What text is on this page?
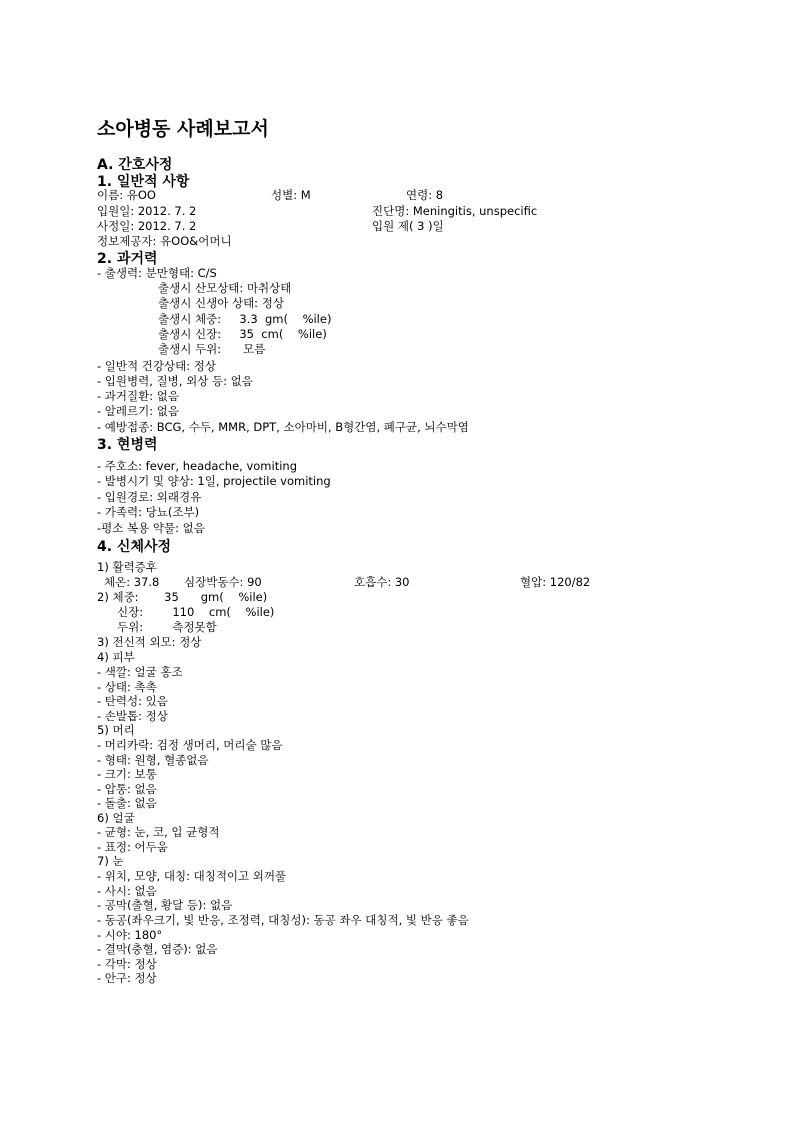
소아병동 사례보고서
A. 간호사정
1. 일반적 사항
이름: 유OO	성별: M	연령: 8
입원일: 2012. 7. 2	진단명: Meningitis, unspecific
사정일: 2012. 7. 2	입원 제( 3 )일
정보제공자: 유OO&어머니
2. 과거력
- 출생력: 분만형태: C/S
출생시 산모상태: 마취상태
출생시 신생아 상태: 정상
출생시 체중:     3.3  gm(    %ile)
출생시 신장:     35  cm(    %ile)
출생시 두위:      모름
- 일반적 건강상태: 정상
- 입원병력, 질병, 외상 등: 없음
- 과거질환: 없음
- 알레르기: 없음
- 예방접종: BCG, 수두, MMR, DPT, 소아마비, B형간염, 폐구균, 뇌수막염
3. 현병력
- 주호소: fever, headache, vomiting
- 발병시기 및 양상: 1일, projectile vomiting
- 입원경로: 외래경유
- 가족력: 당뇨(조부)
-평소 복용 약물: 없음
4. 신체사정
1) 활력증후
체온: 37.8 심장박동수: 90	호흡수: 30	혈압: 120/82
2) 체중:       35      gm(    %ile)
신장:        110    cm(    %ile)
두위:        측정못함
3) 전신적 외모: 정상
4) 피부
- 색깔: 얼굴 홍조
- 상태: 촉촉
- 탄력성: 있음
- 손발톱: 정상
5) 머리
- 머리카락: 검정 생머리, 머리숱 많음
- 형태: 원형, 혈종없음
- 크기: 보통
- 압통: 없음
- 돌출: 없음
6) 얼굴
- 균형: 눈, 코, 입 균형적
- 표정: 어두움
7) 눈
- 위치, 모양, 대칭: 대칭적이고 외꺼풀
- 사시: 없음
- 공막(출혈, 황달 등): 없음
- 동공(좌우크기, 빛 반응, 조정력, 대칭성): 동공 좌우 대칭적, 빛 반응 좋음
- 시야: 180°
- 결막(충혈, 염증): 없음
- 각막: 정상
- 안구: 정상
